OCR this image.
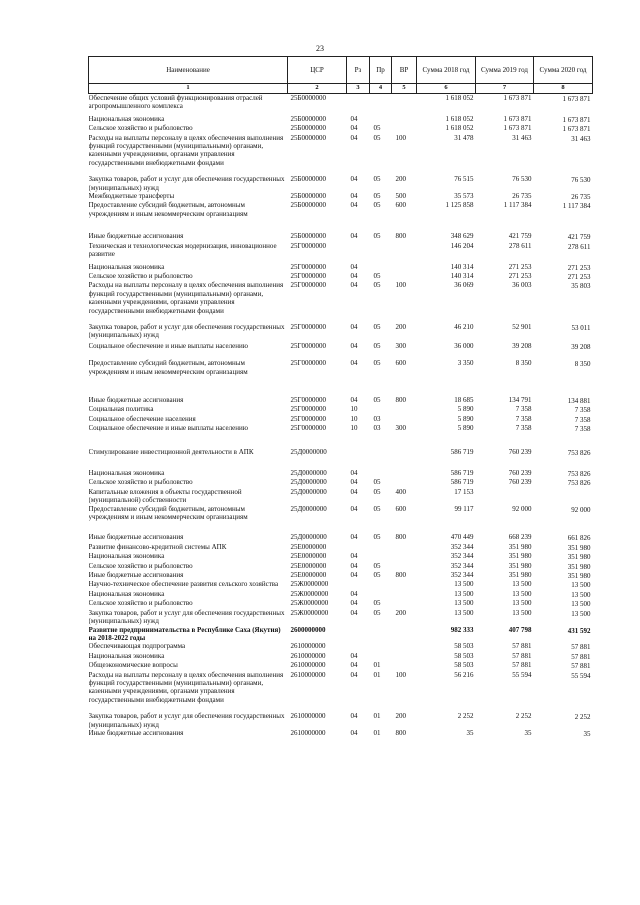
23
Наименование	ЦСР	Рз	Пр	ВР	Сумма 2018 год	Сумма 2019 год	Сумма 2020 год
1	2	3	4	5	6	7	8
Обеспечение общих условий функционирования отраслей агропромышленного комплекса	25Б0000000				1 618 052	1 673 871	1 673 871
Национальная экономика	25Б0000000	04			1 618 052	1 673 871	1 673 871
Сельское хозяйство и рыболовство	25Б0000000	04	05		1 618 052	1 673 871	1 673 871
Расходы на выплаты персоналу в целях обеспечения выполнения функций государственными (муниципальными) органами, казенными учреждениями, органами управления государственными внебюджетными фондами	25Б0000000	04	05	100	31 478	31 463	31 463
Закупка товаров, работ и услуг для обеспечения государственных (муниципальных) нужд	25Б0000000	04	05	200	76 515	76 530	76 530
Межбюджетные трансферты	25Б0000000	04	05	500	35 573	26 735	26 735
Предоставление субсидий бюджетным, автономным учреждениям и иным некоммерческим организациям	25Б0000000	04	05	600	1 125 858	1 117 384	1 117 384
Иные бюджетные ассигнования	25Б0000000	04	05	800	348 629	421 759	421 759
Техническая и технологическая модернизация, инновационное развитие	25Г0000000				146 204	278 611	278 611
Национальная экономика	25Г0000000	04			140 314	271 253	271 253
Сельское хозяйство и рыболовство	25Г0000000	04	05		140 314	271 253	271 253
Расходы на выплаты персоналу в целях обеспечения выполнения функций государственными (муниципальными) органами, казенными учреждениями, органами управления государственными внебюджетными фондами	25Г0000000	04	05	100	36 069	36 003	35 803
Закупка товаров, работ и услуг для обеспечения государственных (муниципальных) нужд	25Г0000000	04	05	200	46 210	52 901	53 011
Социальное обеспечение и иные выплаты населению	25Г0000000	04	05	300	36 000	39 208	39 208
Предоставление субсидий бюджетным, автономным учреждениям и иным некоммерческим организациям	25Г0000000	04	05	600	3 350	8 350	8 350
Иные бюджетные ассигнования	25Г0000000	04	05	800	18 685	134 791	134 881
Социальная политика	25Г0000000	10			5 890	7 358	7 358
Социальное обеспечение населения	25Г0000000	10	03		5 890	7 358	7 358
Социальное обеспечение и иные выплаты населению	25Г0000000	10	03	300	5 890	7 358	7 358
Стимулирование инвестиционной деятельности в АПК	25Д0000000				586 719	760 239	753 826
Национальная экономика	25Д0000000	04			586 719	760 239	753 826
Сельское хозяйство и рыболовство	25Д0000000	04	05		586 719	760 239	753 826
Капитальные вложения в объекты государственной (муниципальной) собственности	25Д0000000	04	05	400	17 153		
Предоставление субсидий бюджетным, автономным учреждениям и иным некоммерческим организациям	25Д0000000	04	05	600	99 117	92 000	92 000
Иные бюджетные ассигнования	25Д0000000	04	05	800	470 449	668 239	661 826
Развитие финансово-кредитной системы АПК	25Е0000000				352 344	351 980	351 980
Национальная экономика	25Е0000000	04			352 344	351 980	351 980
Сельское хозяйство и рыболовство	25Е0000000	04	05		352 344	351 980	351 980
Иные бюджетные ассигнования	25Е0000000	04	05	800	352 344	351 980	351 980
Научно-техническое обеспечение развития сельского хозяйства	25Ж0000000				13 500	13 500	13 500
Национальная экономика	25Ж0000000	04			13 500	13 500	13 500
Сельское хозяйство и рыболовство	25Ж0000000	04	05		13 500	13 500	13 500
Закупка товаров, работ и услуг для обеспечения государственных (муниципальных) нужд	25Ж0000000	04	05	200	13 500	13 500	13 500
Развитие предпринимательства в Республике Саха (Якутия) на 2018-2022 годы	2600000000				982 333	407 798	431 592
Обеспечивающая подпрограмма	2610000000				58 503	57 881	57 881
Национальная экономика	2610000000	04			58 503	57 881	57 881
Общеэкономические вопросы	2610000000	04	01		58 503	57 881	57 881
Расходы на выплаты персоналу в целях обеспечения выполнения функций государственными (муниципальными) органами, казенными учреждениями, органами управления государственными внебюджетными фондами	2610000000	04	01	100	56 216	55 594	55 594
Закупка товаров, работ и услуг для обеспечения государственных (муниципальных) нужд	2610000000	04	01	200	2 252	2 252	2 252
Иные бюджетные ассигнования	2610000000	04	01	800	35	35	35
